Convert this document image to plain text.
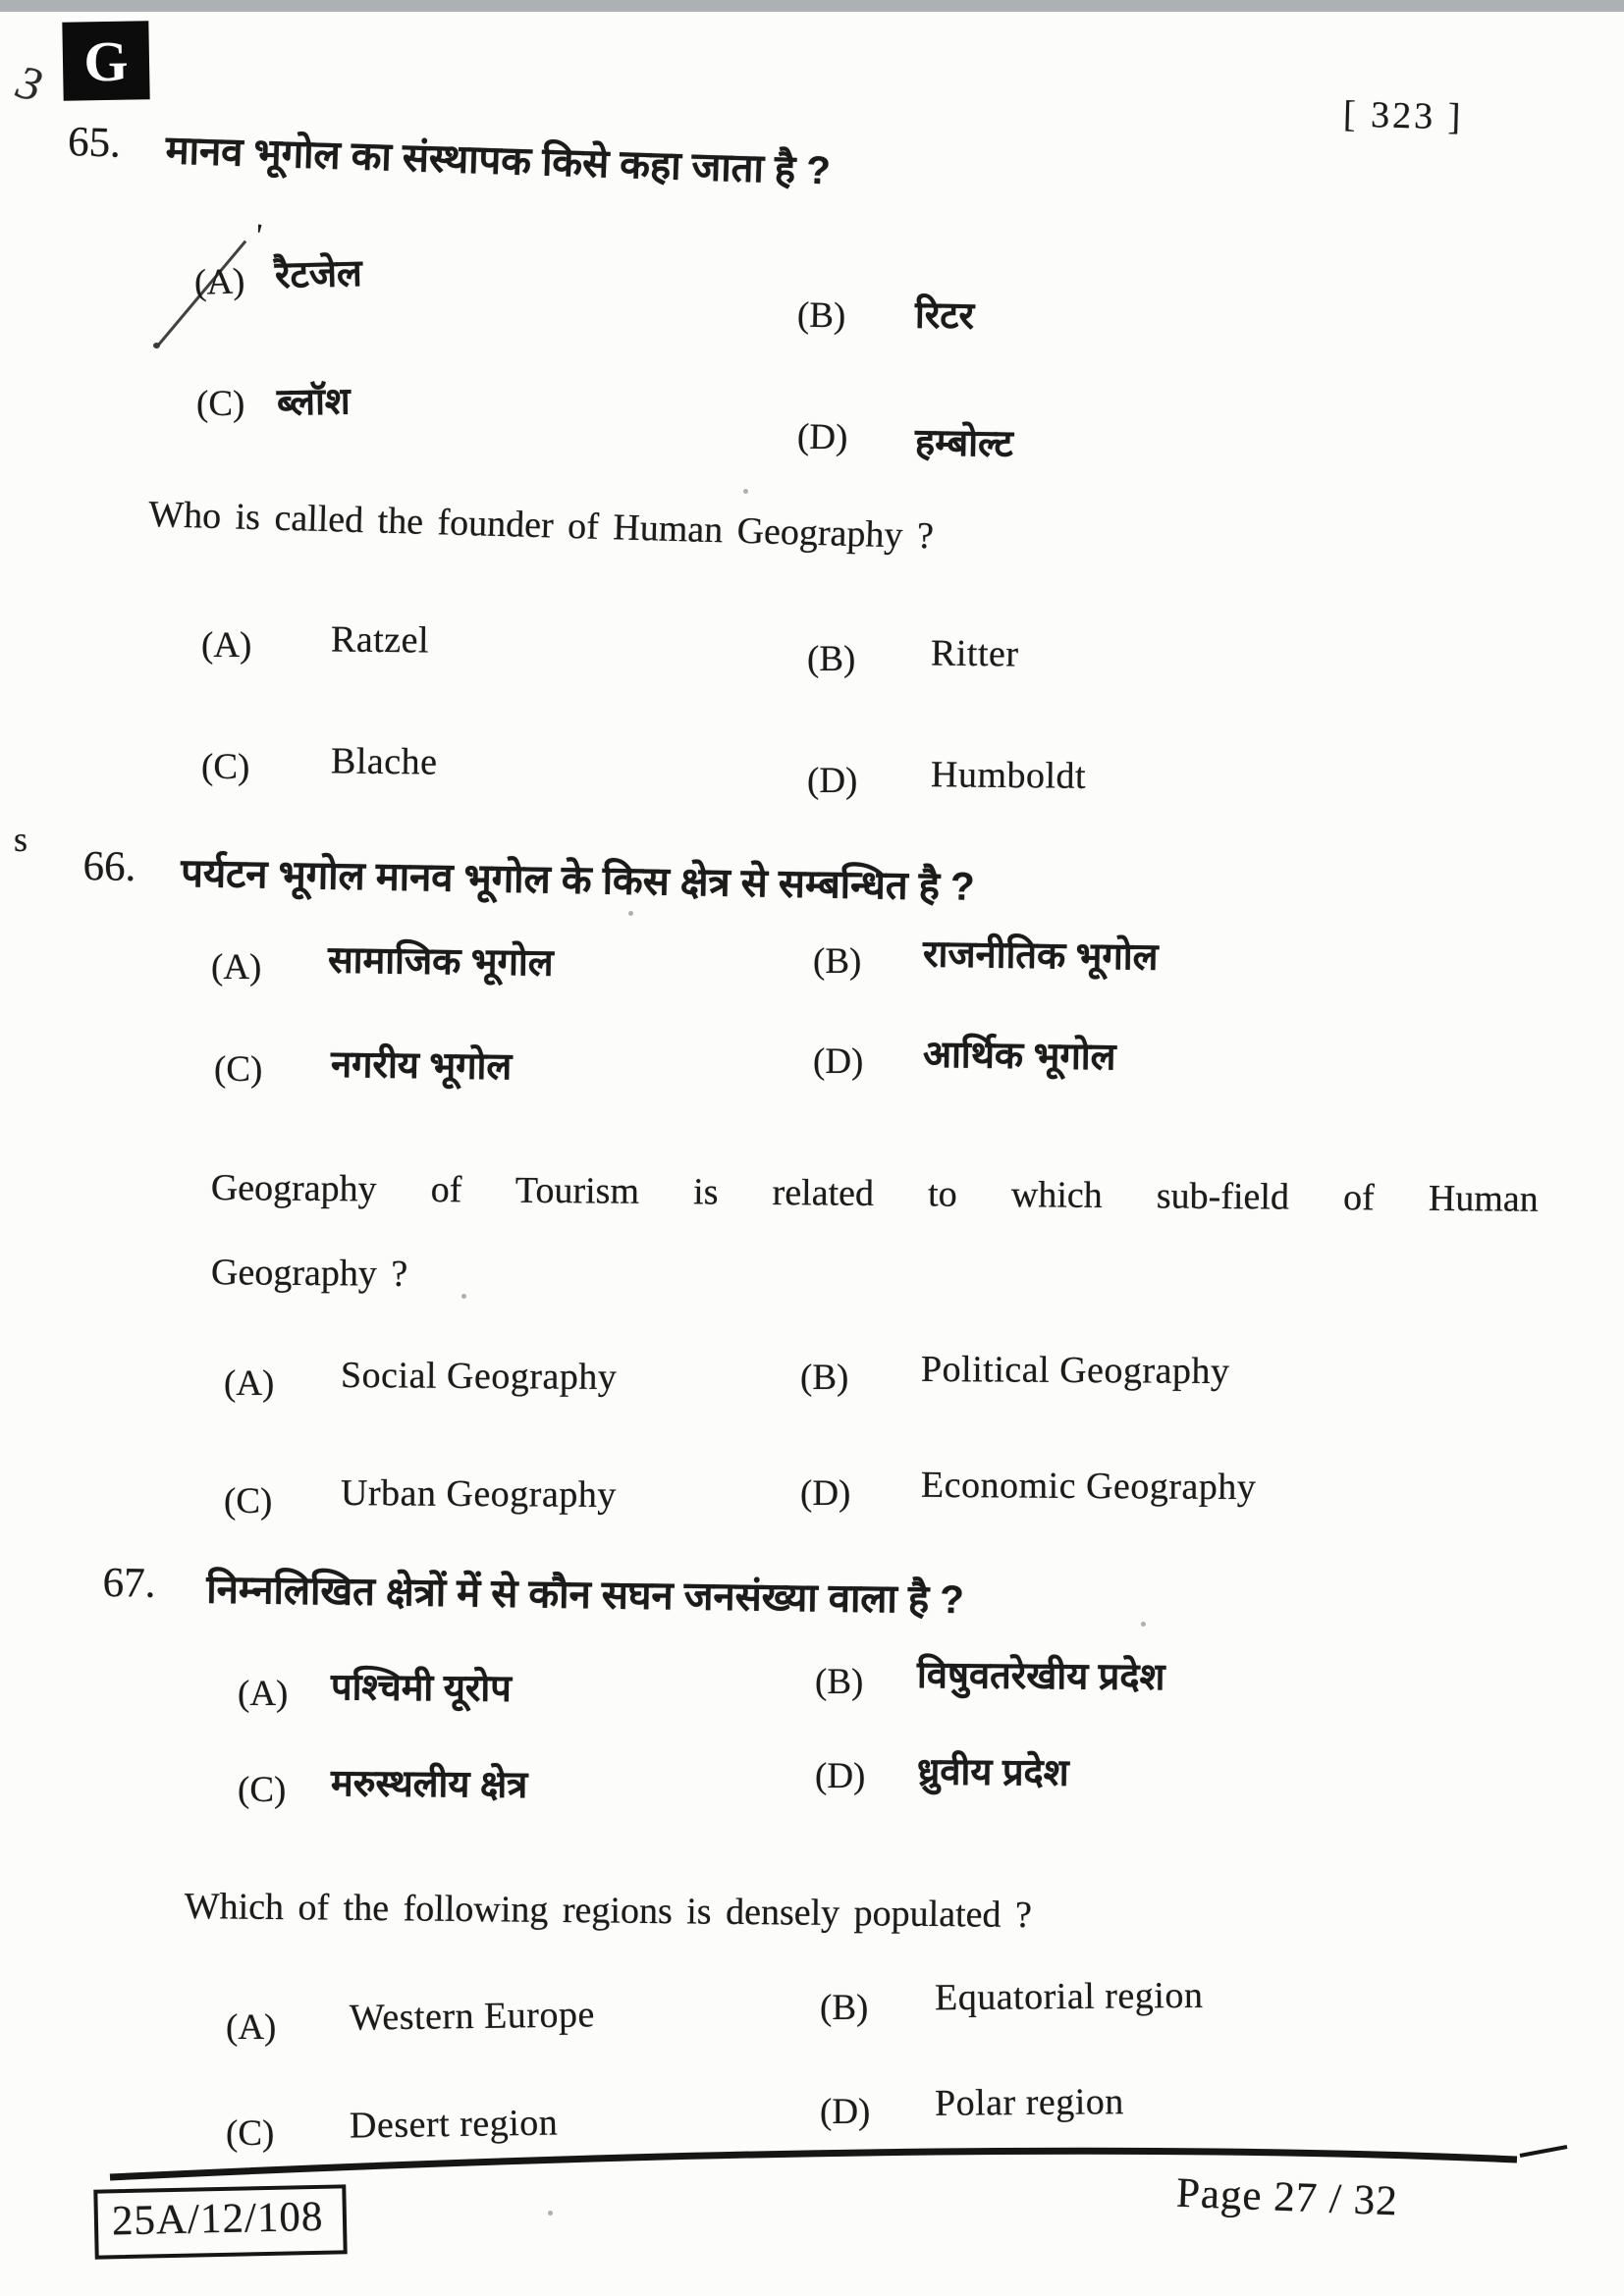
3 G
[ 323 ]
s
65. मानव भूगोल का संस्थापक किसे कहा जाता है ?
'
(A) रैटजेल
(B) रिटर
(C) ब्लॉश
(D) हम्बोल्ट
Who is called the founder of Human Geography ?
(A) Ratzel	(B) Ritter
(C) Blache	(D) Humboldt
66. पर्यटन भूगोल मानव भूगोल के किस क्षेत्र से सम्बन्धित है ?
(A) सामाजिक भूगोल	(B) राजनीतिक भूगोल
(C) नगरीय भूगोल	(D) आर्थिक भूगोल
Geography of Tourism is related to which sub-field of Human
Geography ?
(A) Social Geography	(B) Political Geography
(C) Urban Geography	(D) Economic Geography
67. निम्नलिखित क्षेत्रों में से कौन सघन जनसंख्या वाला है ?
(A) पश्चिमी यूरोप	(B) विषुवतरेखीय प्रदेश
(C) मरुस्थलीय क्षेत्र	(D) ध्रुवीय प्रदेश
Which of the following regions is densely populated ?
(A) Western Europe	(B) Equatorial region
(C) Desert region	(D) Polar region
25A/12/108	Page 27 / 32
